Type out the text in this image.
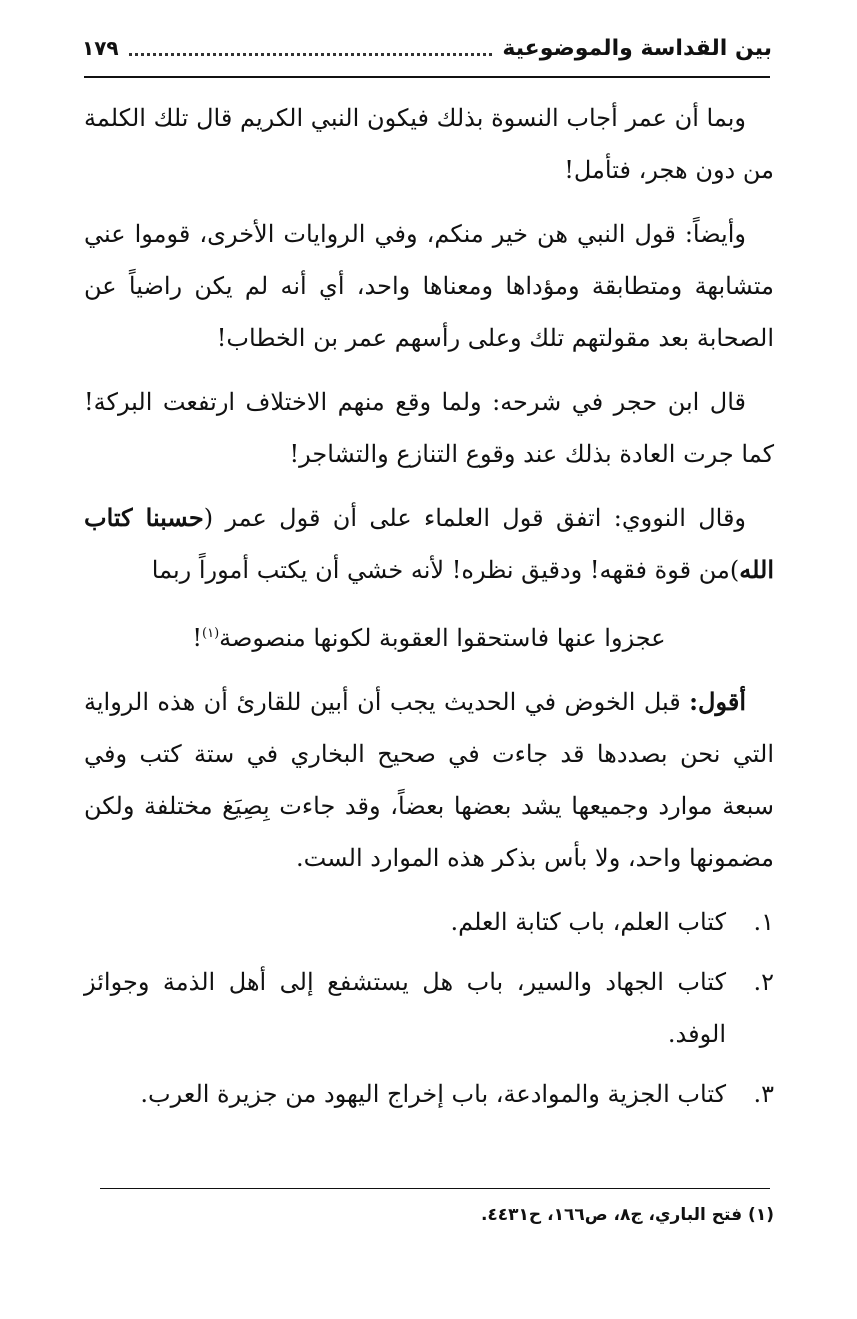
بين القداسة والموضوعية
١٧٩

وبما أن عمر أجاب النسوة بذلك فيكون النبي الكريم قال تلك الكلمة من دون هجر، فتأمل!

وأيضاً: قول النبي هن خير منكم، وفي الروايات الأخرى، قوموا عني متشابهة ومتطابقة ومؤداها ومعناها واحد، أي أنه لم يكن راضياً عن الصحابة بعد مقولتهم تلك وعلى رأسهم عمر بن الخطاب!

قال ابن حجر في شرحه: ولما وقع منهم الاختلاف ارتفعت البركة! كما جرت العادة بذلك عند وقوع التنازع والتشاجر!

وقال النووي: اتفق قول العلماء على أن قول عمر (حسبنا كتاب الله)من قوة فقهه! ودقيق نظره! لأنه خشي أن يكتب أموراً ربما

عجزوا عنها فاستحقوا العقوبة لكونها منصوصة$^{(١)}$!

أقول: قبل الخوض في الحديث يجب أن أبين للقارئ أن هذه الرواية التي نحن بصددها قد جاءت في صحيح البخاري في ستة كتب وفي سبعة موارد وجميعها يشد بعضها بعضاً، وقد جاءت بِصِيَغ مختلفة ولكن مضمونها واحد، ولا بأس بذكر هذه الموارد الست.

١.
كتاب العلم، باب كتابة العلم.
٢.
كتاب الجهاد والسير، باب هل يستشفع إلى أهل الذمة وجوائز الوفد.
٣.
كتاب الجزية والموادعة، باب إخراج اليهود من جزيرة العرب.
(١) فتح الباري، ج٨، ص١٦٦، ح٤٤٣١.
